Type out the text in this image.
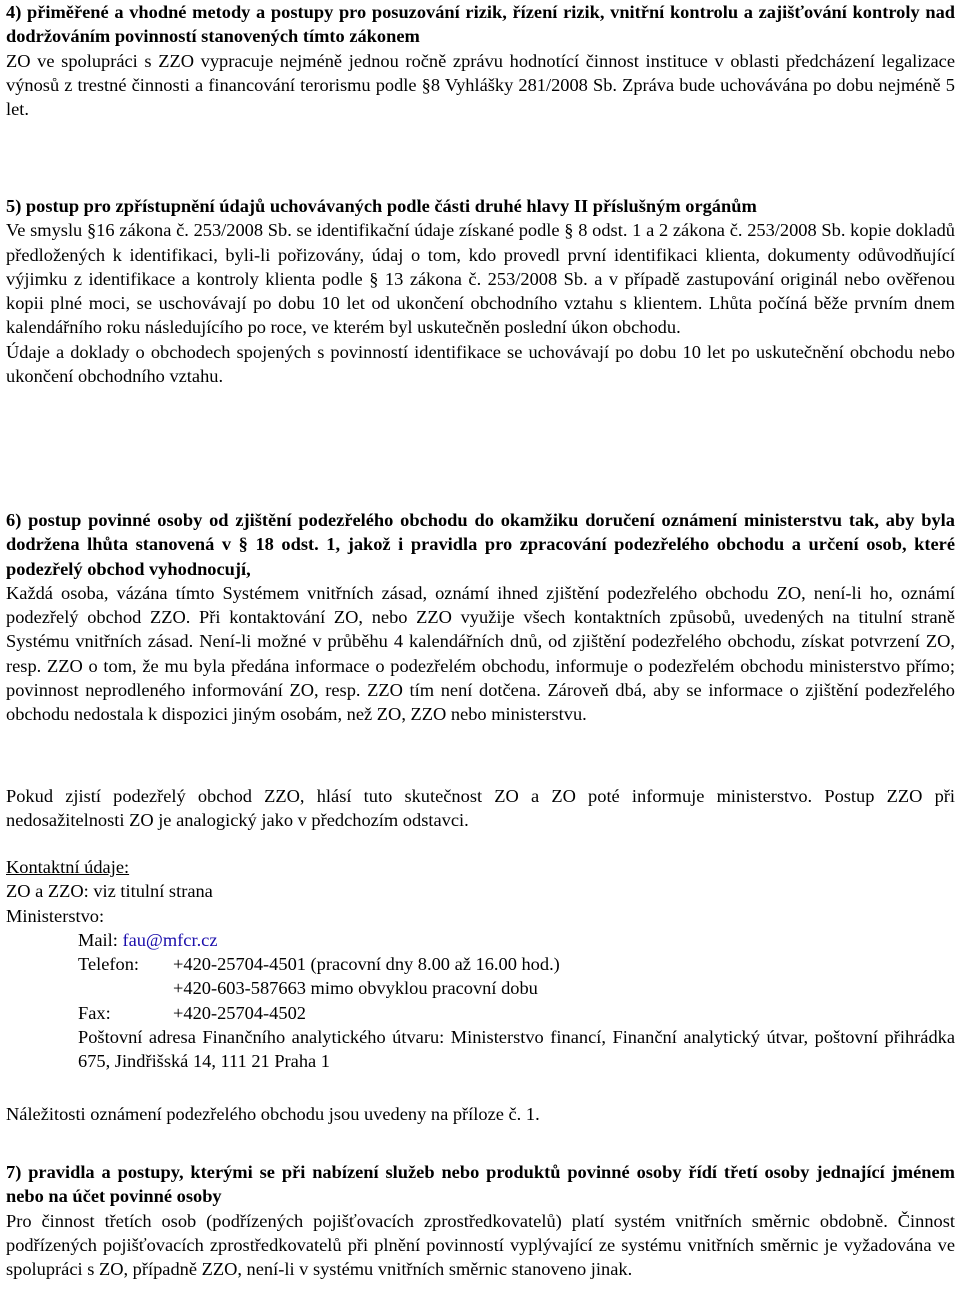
4) přiměřené a vhodné metody a postupy pro posuzování rizik, řízení rizik, vnitřní kontrolu a zajišťování kontroly nad dodržováním povinností stanovených tímto zákonem

ZO ve spolupráci s ZZO vypracuje nejméně jednou ročně zprávu hodnotící činnost instituce v oblasti předcházení legalizace výnosů z trestné činnosti a financování terorismu podle §8 Vyhlášky 281/2008 Sb. Zpráva bude uchovávána po dobu nejméně 5 let.

5) postup pro zpřístupnění údajů uchovávaných podle části druhé hlavy II příslušným orgánům

Ve smyslu §16 zákona č. 253/2008 Sb. se identifikační údaje získané podle § 8 odst. 1 a 2 zákona č. 253/2008 Sb. kopie dokladů předložených k identifikaci, byli-li pořizovány, údaj o tom, kdo provedl první identifikaci klienta, dokumenty odůvodňující výjimku z identifikace a kontroly klienta podle § 13 zákona č. 253/2008 Sb. a v případě zastupování originál nebo ověřenou kopii plné moci, se uschovávají po dobu 10 let od ukončení obchodního vztahu s klientem. Lhůta počíná běže prvním dnem kalendářního roku následujícího po roce, ve kterém byl uskutečněn poslední úkon obchodu.

Údaje a doklady o obchodech spojených s povinností identifikace se uchovávají po dobu 10 let po uskutečnění obchodu nebo ukončení obchodního vztahu.

6) postup povinné osoby od zjištění podezřelého obchodu do okamžiku doručení oznámení ministerstvu tak, aby byla dodržena lhůta stanovená v § 18 odst. 1, jakož i pravidla pro zpracování podezřelého obchodu a určení osob, které podezřelý obchod vyhodnocují,

Každá osoba, vázána tímto Systémem vnitřních zásad, oznámí ihned zjištění podezřelého obchodu ZO, není-li ho, oznámí podezřelý obchod ZZO. Při kontaktování ZO, nebo ZZO využije všech kontaktních způsobů, uvedených na titulní straně Systému vnitřních zásad. Není-li možné v průběhu 4 kalendářních dnů, od zjištění podezřelého obchodu, získat potvrzení ZO, resp. ZZO o tom, že mu byla předána informace o podezřelém obchodu, informuje o podezřelém obchodu ministerstvo přímo; povinnost neprodleného informování ZO, resp. ZZO tím není dotčena. Zároveň dbá, aby se informace o zjištění podezřelého obchodu nedostala k dispozici jiným osobám, než ZO, ZZO nebo ministerstvu.

Pokud zjistí podezřelý obchod ZZO, hlásí tuto skutečnost ZO a ZO poté informuje ministerstvo. Postup ZZO při nedosažitelnosti ZO je analogický jako v předchozím odstavci.

Kontaktní údaje:

ZO a ZZO: viz titulní strana

Ministerstvo:

Mail: fau@mfcr.cz
Telefon:	+420-25704-4501 (pracovní dny 8.00 až 16.00 hod.)
+420-603-587663 mimo obvyklou pracovní dobu
Fax:	+420-25704-4502

Poštovní adresa Finančního analytického útvaru: Ministerstvo financí, Finanční analytický útvar, poštovní přihrádka 675, Jindřišská 14, 111 21 Praha 1

Náležitosti oznámení podezřelého obchodu jsou uvedeny na příloze č. 1.

7) pravidla a postupy, kterými se při nabízení služeb nebo produktů povinné osoby řídí třetí osoby jednající jménem nebo na účet povinné osoby

Pro činnost třetích osob (podřízených pojišťovacích zprostředkovatelů) platí systém vnitřních směrnic obdobně. Činnost podřízených pojišťovacích zprostředkovatelů při plnění povinností vyplývající ze systému vnitřních směrnic je vyžadována ve spolupráci s ZO, případně ZZO, není-li v systému vnitřních směrnic stanoveno jinak.
